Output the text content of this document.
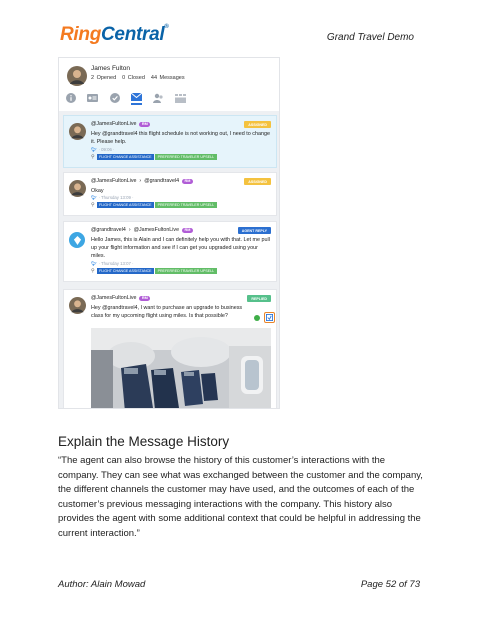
RingCentral®
Grand Travel Demo
James Fulton
2 Opened 0 Closed 44 Messages
@JamesFultonLive	RM	ASSIGNED
Hey @grandtravel4 this flight schedule is not working out, I need to change it. Please help.
🐦︎ · 09:06 ·
⚲	FLIGHT CHANGE ASSISTANCE	PREFERRED TRAVELER UPSELL
@JamesFultonLive › @grandtravel4	RM	ASSIGNED
Okay
🐦︎ · Thursday 13:09 ·
⚲	FLIGHT CHANGE ASSISTANCE	PREFERRED TRAVELER UPSELL
@grandtravel4 › @JamesFultonLive	RM	AGENT REPLY
Hello James, this is Alain and I can definitely help you with that. Let me pull up your flight information and see if I can get you upgraded using your miles.
🐦︎ · Thursday 13:07 ·
⚲	FLIGHT CHANGE ASSISTANCE	PREFERRED TRAVELER UPSELL
@JamesFultonLive	RM	REPLIED
Hey @grandtravel4, I want to purchase an upgrade to business class for my upcoming flight using miles. Is that possible?
Explain the Message History
“The agent can also browse the history of this customer’s interactions with the company. They can see what was exchanged between the customer and the company, the different channels the customer may have used, and the outcomes of each of the customer’s previous messaging interactions with the company. This history also provides the agent with some additional context that could be helpful in addressing the current interaction.”
Author: Alain Mowad	Page 52 of 73
